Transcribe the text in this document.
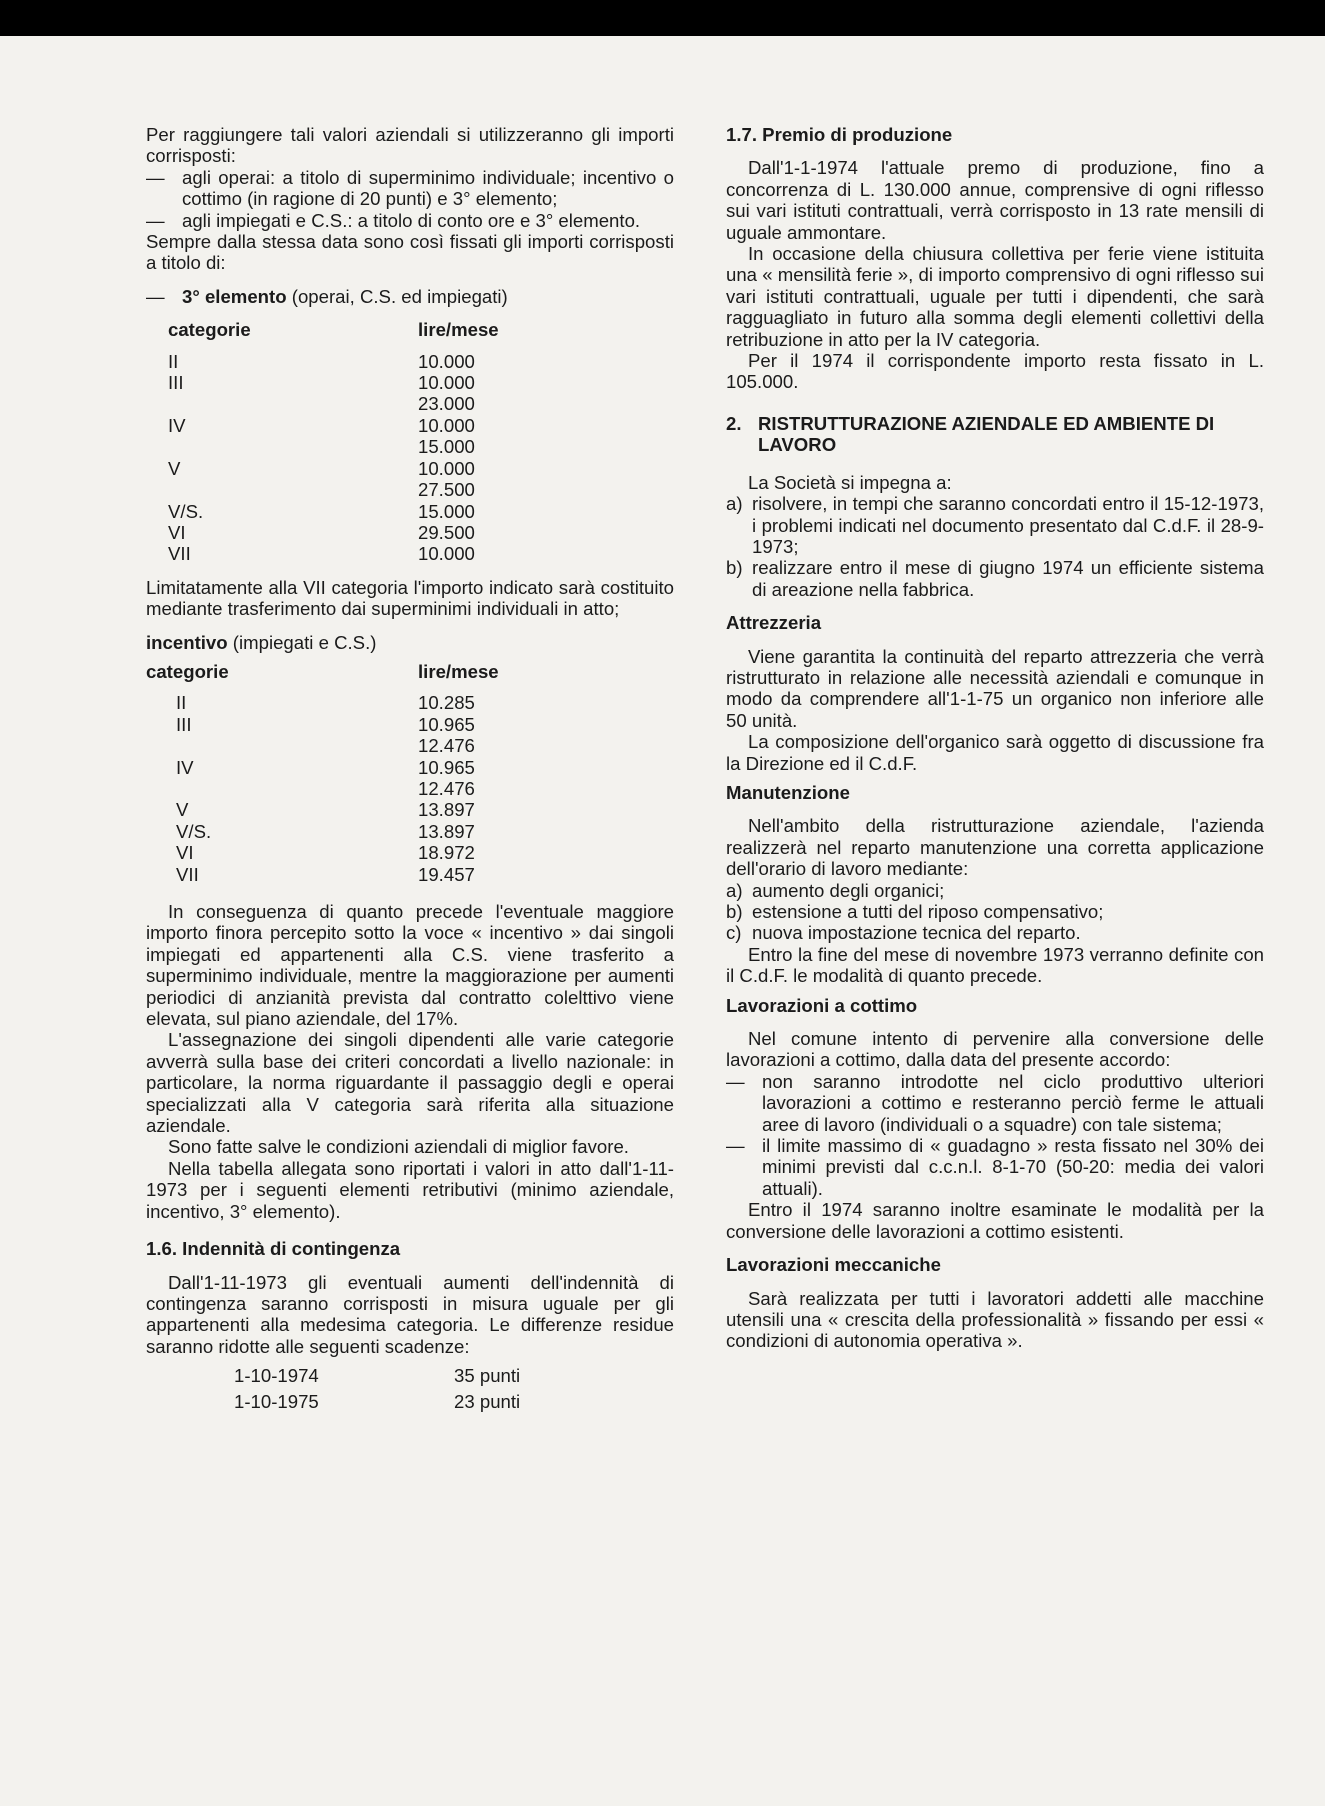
Per raggiungere tali valori aziendali si utilizzeranno gli importi corrisposti:

— agli operai: a titolo di superminimo individuale; incentivo o cottimo (in ragione di 20 punti) e 3° elemento;
— agli impiegati e C.S.: a titolo di conto ore e 3° elemento.

Sempre dalla stessa data sono così fissati gli importi corrisposti a titolo di:

— 3° elemento (operai, C.S. ed impiegati)
categorie	lire/mese
II	10.000
III	10.000
	23.000
IV	10.000
	15.000
V	10.000
	27.500
V/S.	15.000
VI	29.500
VII	10.000

Limitatamente alla VII categoria l'importo indicato sarà costituito mediante trasferimento dai superminimi individuali in atto;

incentivo (impiegati e C.S.)

categorie	lire/mese
II	10.285
III	10.965
	12.476
IV	10.965
	12.476
V	13.897
V/S.	13.897
VI	18.972
VII	19.457

In conseguenza di quanto precede l'eventuale maggiore importo finora percepito sotto la voce « incentivo » dai singoli impiegati ed appartenenti alla C.S. viene trasferito a superminimo individuale, mentre la maggiorazione per aumenti periodici di anzianità prevista dal contratto colelttivo viene elevata, sul piano aziendale, del 17%.

L'assegnazione dei singoli dipendenti alle varie categorie avverrà sulla base dei criteri concordati a livello nazionale: in particolare, la norma riguardante il passaggio degli e operai specializzati alla V categoria sarà riferita alla situazione aziendale.

Sono fatte salve le condizioni aziendali di miglior favore.

Nella tabella allegata sono riportati i valori in atto dall'1-11-1973 per i seguenti elementi retributivi (minimo aziendale, incentivo, 3° elemento).

1.6. Indennità di contingenza

Dall'1-11-1973 gli eventuali aumenti dell'indennità di contingenza saranno corrisposti in misura uguale per gli appartenenti alla medesima categoria. Le differenze residue saranno ridotte alle seguenti scadenze:

1-10-1974	35 punti
1-10-1975	23 punti

1.7. Premio di produzione

Dall'1-1-1974 l'attuale premo di produzione, fino a concorrenza di L. 130.000 annue, comprensive di ogni riflesso sui vari istituti contrattuali, verrà corrisposto in 13 rate mensili di uguale ammontare.

In occasione della chiusura collettiva per ferie viene istituita una « mensilità ferie », di importo comprensivo di ogni riflesso sui vari istituti contrattuali, uguale per tutti i dipendenti, che sarà ragguagliato in futuro alla somma degli elementi collettivi della retribuzione in atto per la IV categoria.

Per il 1974 il corrispondente importo resta fissato in L. 105.000.

2. RISTRUTTURAZIONE AZIENDALE ED AMBIENTE DI LAVORO

La Società si impegna a:

a) risolvere, in tempi che saranno concordati entro il 15-12-1973, i problemi indicati nel documento presentato dal C.d.F. il 28-9-1973;
b) realizzare entro il mese di giugno 1974 un efficiente sistema di areazione nella fabbrica.

Attrezzeria

Viene garantita la continuità del reparto attrezzeria che verrà ristrutturato in relazione alle necessità aziendali e comunque in modo da comprendere all'1-1-75 un organico non inferiore alle 50 unità.

La composizione dell'organico sarà oggetto di discussione fra la Direzione ed il C.d.F.

Manutenzione

Nell'ambito della ristrutturazione aziendale, l'azienda realizzerà nel reparto manutenzione una corretta applicazione dell'orario di lavoro mediante:

a) aumento degli organici;
b) estensione a tutti del riposo compensativo;
c) nuova impostazione tecnica del reparto.

Entro la fine del mese di novembre 1973 verranno definite con il C.d.F. le modalità di quanto precede.

Lavorazioni a cottimo

Nel comune intento di pervenire alla conversione delle lavorazioni a cottimo, dalla data del presente accordo:

— non saranno introdotte nel ciclo produttivo ulteriori lavorazioni a cottimo e resteranno perciò ferme le attuali aree di lavoro (individuali o a squadre) con tale sistema;
— il limite massimo di « guadagno » resta fissato nel 30% dei minimi previsti dal c.c.n.l. 8-1-70 (50-20: media dei valori attuali).

Entro il 1974 saranno inoltre esaminate le modalità per la conversione delle lavorazioni a cottimo esistenti.

Lavorazioni meccaniche

Sarà realizzata per tutti i lavoratori addetti alle macchine utensili una « crescita della professionalità » fissando per essi « condizioni di autonomia operativa ».
